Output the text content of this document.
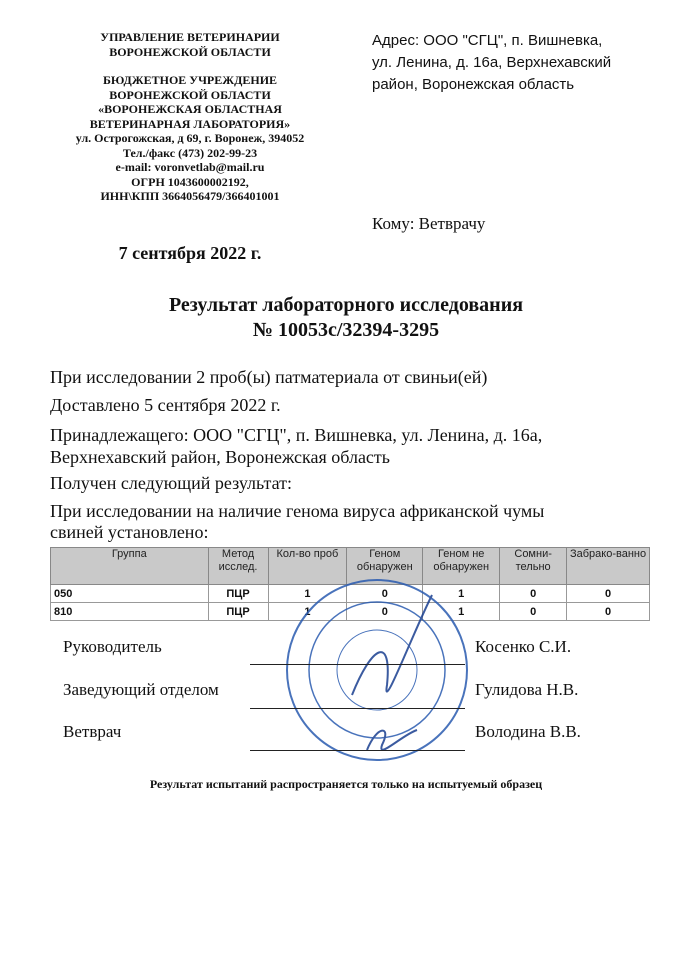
УПРАВЛЕНИЕ ВЕТЕРИНАРИИ
ВОРОНЕЖСКОЙ ОБЛАСТИ
БЮДЖЕТНОЕ УЧРЕЖДЕНИЕ
ВОРОНЕЖСКОЙ ОБЛАСТИ
«ВОРОНЕЖСКАЯ ОБЛАСТНАЯ
ВЕТЕРИНАРНАЯ ЛАБОРАТОРИЯ»
ул. Острогожская, д 69, г. Воронеж, 394052
Тел./факс (473) 202-99-23
e-mail: voronvetlab@mail.ru
ОГРН 1043600002192,
ИНН\КПП 3664056479/366401001
Адрес: ООО "СГЦ", п. Вишневка,
ул. Ленина, д. 16а, Верхнехавский
район, Воронежская область
Кому: Ветврачу
7 сентября 2022 г.
Результат лабораторного исследования
№ 10053с/32394-3295
При исследовании 2 проб(ы) патматериала от свиньи(ей)
Доставлено 5 сентября 2022 г.
Принадлежащего: ООО "СГЦ", п. Вишневка, ул. Ленина, д. 16а,
Верхнехавский район, Воронежская область
Получен следующий результат:
При исследовании на наличие генома вируса африканской чумы
свиней установлено:
Группа	Метод исслед.	Кол-во проб	Геном обнаружен	Геном не обнаружен	Сомни-тельно	Забрако-ванно
050	ПЦР	1	0	1	0	0
810	ПЦР	1	0	1	0	0
Руководитель	Косенко С.И.
Заведующий отделом	Гулидова Н.В.
Ветврач	Володина В.В.
Результат испытаний распространяется только на испытуемый образец
